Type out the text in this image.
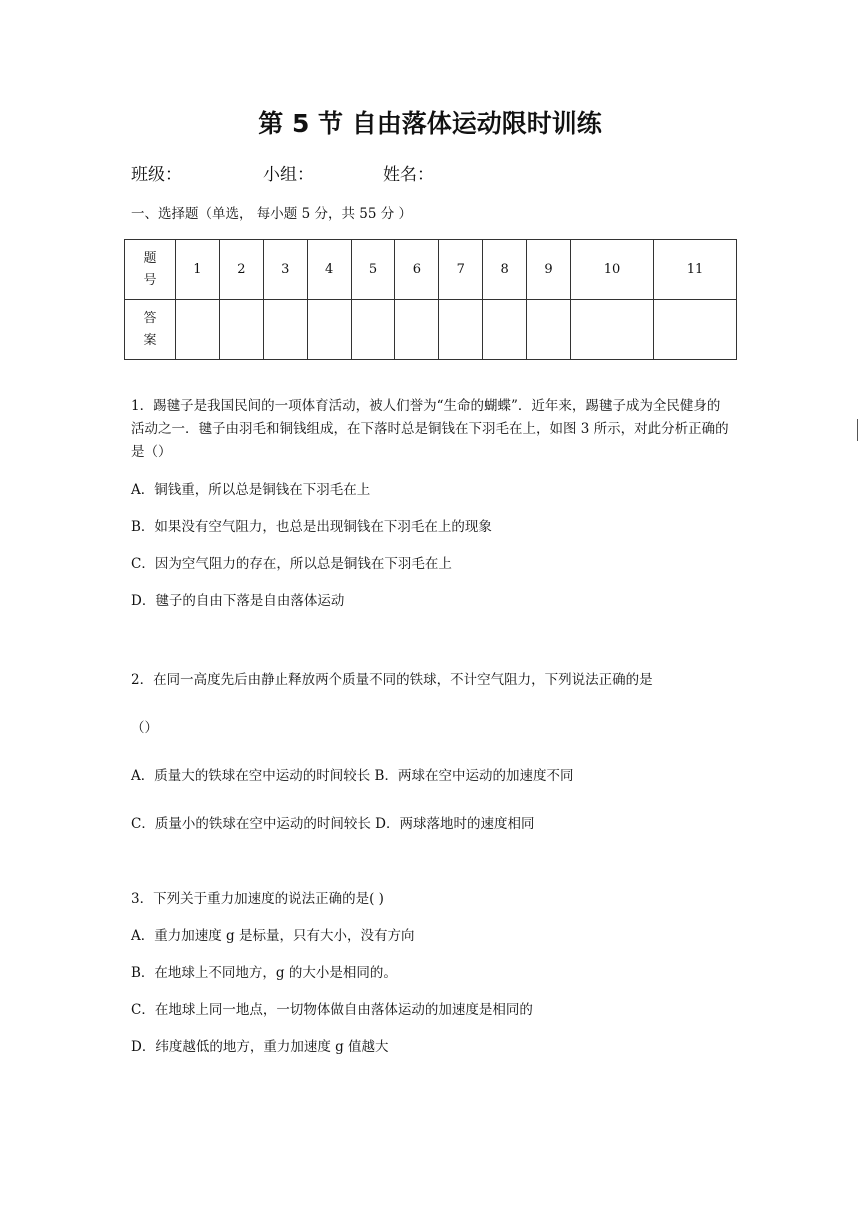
第 5 节 自由落体运动限时训练
班级：	小组：	姓名：
一、选择题（单选， 每小题 5 分，共 55 分 ）
题
号	1	2	3	4	5	6	7	8	9	10	11

答
案											

1．踢毽子是我国民间的一项体育活动，被人们誉为“生命的蝴蝶”．近年来，踢毽子成为全民健身的活动之一．毽子由羽毛和铜钱组成，在下落时总是铜钱在下羽毛在上，如图 3 所示，对此分析正确的是（）
A．铜钱重，所以总是铜钱在下羽毛在上
B．如果没有空气阻力，也总是出现铜钱在下羽毛在上的现象
C．因为空气阻力的存在，所以总是铜钱在下羽毛在上
D．毽子的自由下落是自由落体运动
2．在同一高度先后由静止释放两个质量不同的铁球，不计空气阻力，下列说法正确的是
（）
A．质量大的铁球在空中运动的时间较长 B．两球在空中运动的加速度不同
C．质量小的铁球在空中运动的时间较长 D．两球落地时的速度相同
3．下列关于重力加速度的说法正确的是( )
A．重力加速度 g 是标量，只有大小，没有方向
B．在地球上不同地方，g 的大小是相同的。
C．在地球上同一地点，一切物体做自由落体运动的加速度是相同的
D．纬度越低的地方，重力加速度 g 值越大
